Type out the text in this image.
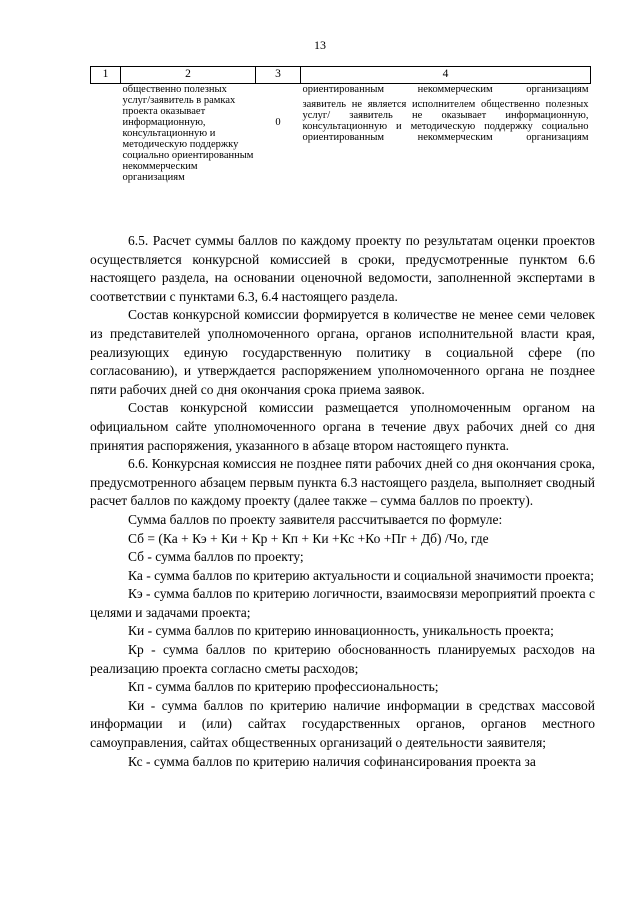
13
1	2	3	4
	общественно полезных услуг/заявитель в рамках проекта оказывает информационную, консультационную и методическую поддержку социально ориентированным некоммерческим организациям		ориентированным некоммерческим организациям

		0	заявитель не является исполнителем общественно полезных услуг/ заявитель не оказывает информационную, консультационную и методическую поддержку социально ориентированным некоммерческим организациям

6.5. Расчет суммы баллов по каждому проекту по результатам оценки проектов осуществляется конкурсной комиссией в сроки, предусмотренные пунктом 6.6 настоящего раздела, на основании оценочной ведомости, заполненной экспертами в соответствии с пунктами 6.3, 6.4 настоящего раздела.

Состав конкурсной комиссии формируется в количестве не менее семи человек из представителей уполномоченного органа, органов исполнительной власти края, реализующих единую государственную политику в социальной сфере (по согласованию), и утверждается распоряжением уполномоченного органа не позднее пяти рабочих дней со дня окончания срока приема заявок.

Состав конкурсной комиссии размещается уполномоченным органом на официальном сайте уполномоченного органа в течение двух рабочих дней со дня принятия распоряжения, указанного в абзаце втором настоящего пункта.

6.6. Конкурсная комиссия не позднее пяти рабочих дней со дня окончания срока, предусмотренного абзацем первым пункта 6.3 настоящего раздела, выполняет сводный расчет баллов по каждому проекту (далее также – сумма баллов по проекту).

Сумма баллов по проекту заявителя рассчитывается по формуле:

Сб = (Ка + Кэ + Ки + Кр + Кп + Ки +Кс +Ко +Пг + Дб) /Чо, где

Сб - сумма баллов по проекту;

Ка - сумма баллов по критерию актуальности и социальной значимости проекта;

Кэ - сумма баллов по критерию логичности, взаимосвязи мероприятий проекта с целями и задачами проекта;

Ки - сумма баллов по критерию инновационность, уникальность проекта;

Кр - сумма баллов по критерию обоснованность планируемых расходов на реализацию проекта согласно сметы расходов;

Кп - сумма баллов по критерию профессиональность;

Ки - сумма баллов по критерию наличие информации в средствах массовой информации и (или) сайтах государственных органов, органов местного самоуправления, сайтах общественных организаций о деятельности заявителя;

Кс - сумма баллов по критерию наличия софинансирования проекта за
